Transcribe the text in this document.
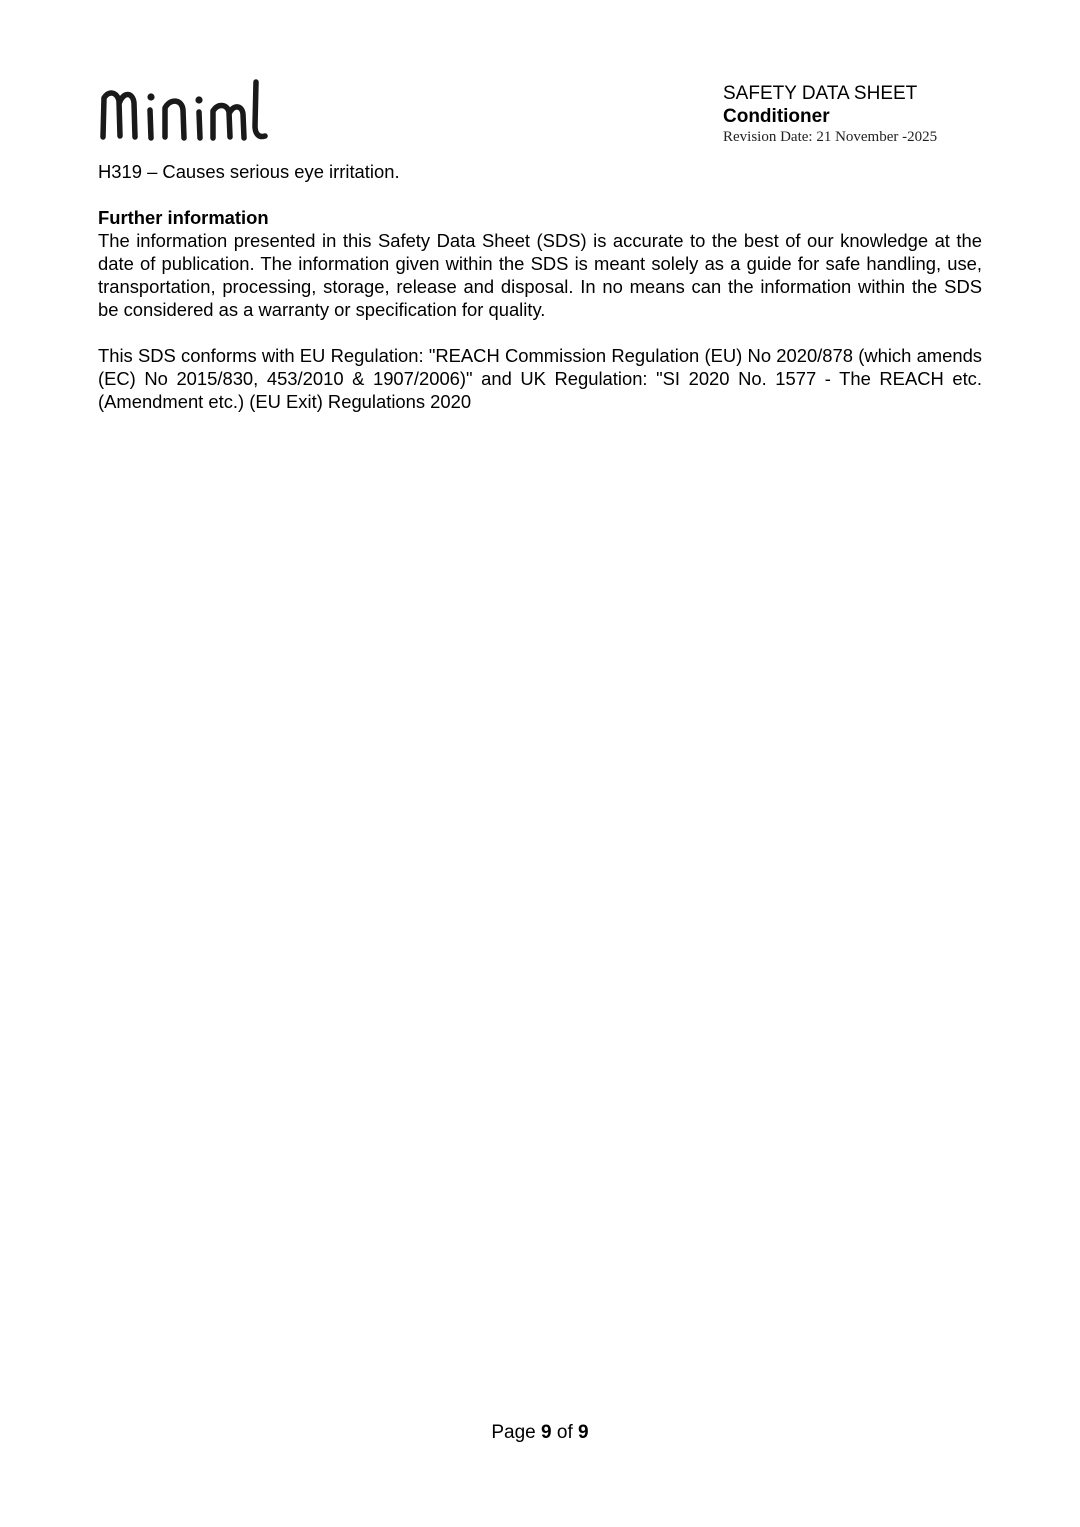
SAFETY DATA SHEET
Conditioner
Revision Date: 21 November -2025

H319 – Causes serious eye irritation.

Further information

The information presented in this Safety Data Sheet (SDS) is accurate to the best of our knowledge at the date of publication. The information given within the SDS is meant solely as a guide for safe handling, use, transportation, processing, storage, release and disposal. In no means can the information within the SDS be considered as a warranty or specification for quality.

This SDS conforms with EU Regulation: "REACH Commission Regulation (EU) No 2020/878 (which amends (EC) No 2015/830, 453/2010 & 1907/2006)" and UK Regulation: "SI 2020 No. 1577 - The REACH etc. (Amendment etc.) (EU Exit) Regulations 2020

Page 9 of 9
